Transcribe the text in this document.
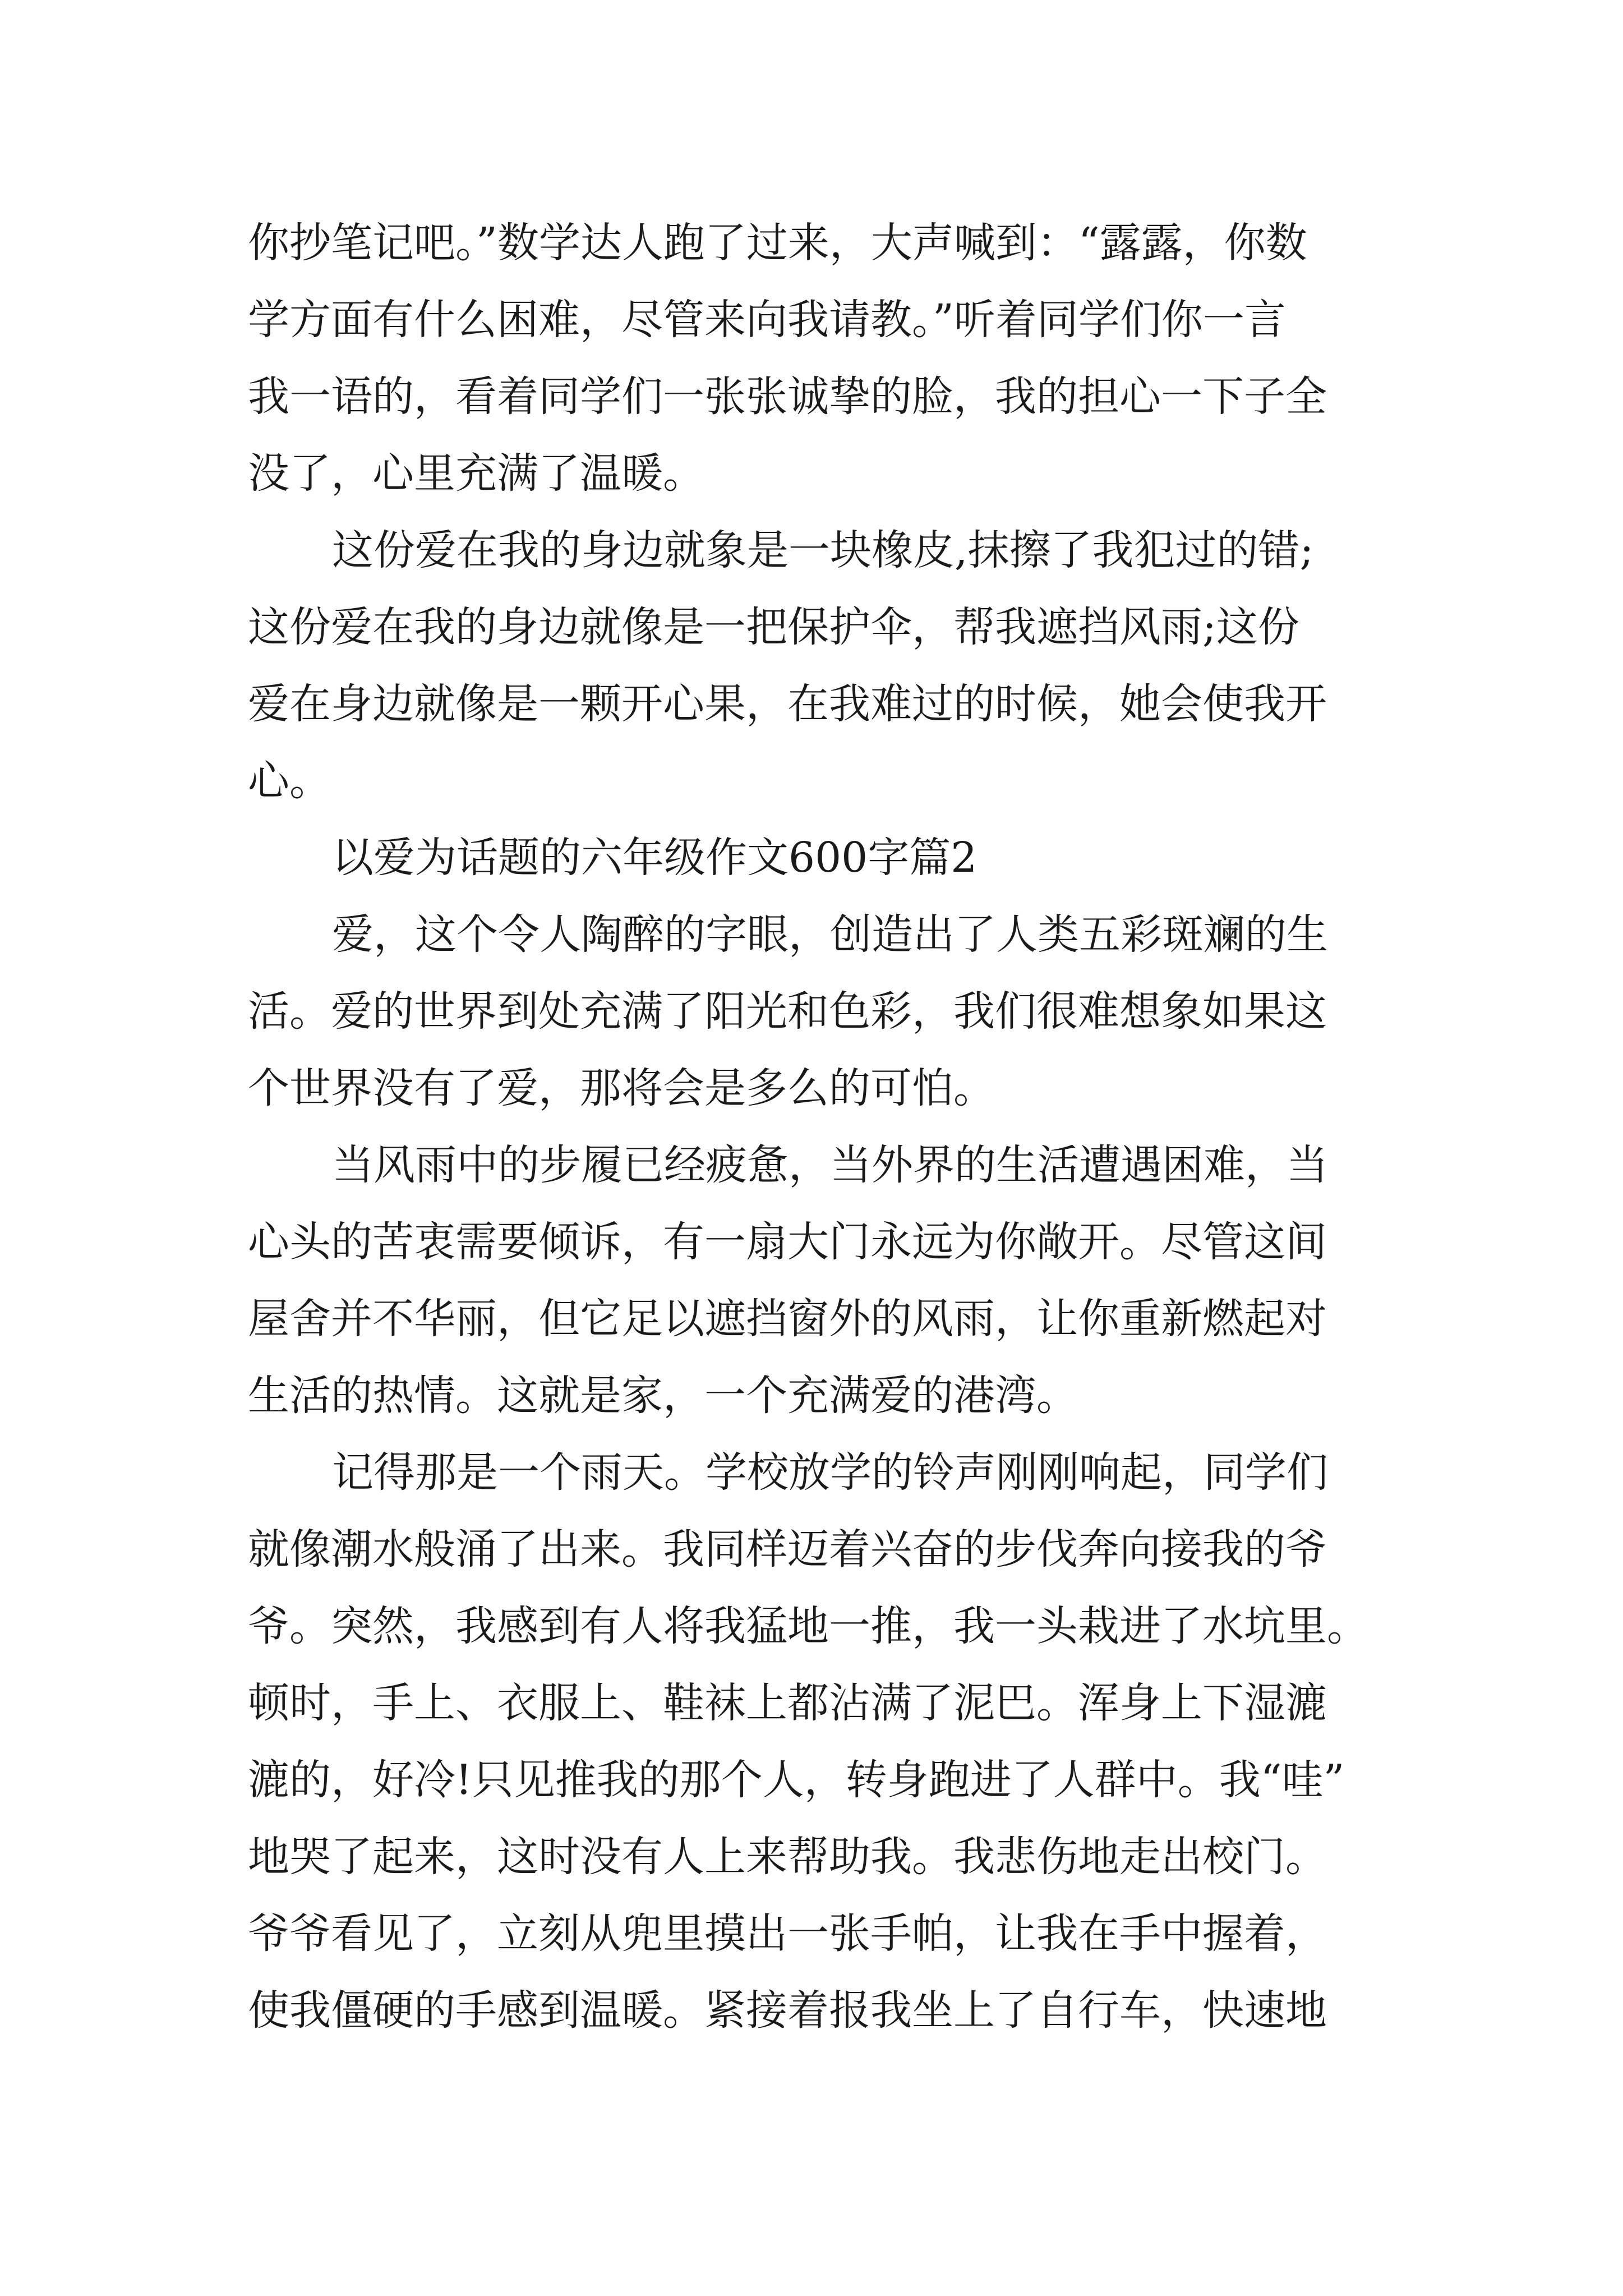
你抄笔记吧。”数学达人跑了过来，大声喊到：“露露，你数
学方面有什么困难，尽管来向我请教。”听着同学们你一言
我一语的，看着同学们一张张诚挚的脸，我的担心一下子全
没了，心里充满了温暖。
这份爱在我的身边就象是一块橡皮,抹擦了我犯过的错;
这份爱在我的身边就像是一把保护伞，帮我遮挡风雨;这份
爱在身边就像是一颗开心果，在我难过的时候，她会使我开
心。
以爱为话题的六年级作文600字篇2
爱，这个令人陶醉的字眼，创造出了人类五彩斑斓的生
活。爱的世界到处充满了阳光和色彩，我们很难想象如果这
个世界没有了爱，那将会是多么的可怕。
当风雨中的步履已经疲惫，当外界的生活遭遇困难，当
心头的苦衷需要倾诉，有一扇大门永远为你敞开。尽管这间
屋舍并不华丽，但它足以遮挡窗外的风雨，让你重新燃起对
生活的热情。这就是家，一个充满爱的港湾。
记得那是一个雨天。学校放学的铃声刚刚响起，同学们
就像潮水般涌了出来。我同样迈着兴奋的步伐奔向接我的爷
爷。突然，我感到有人将我猛地一推，我一头栽进了水坑里。
顿时，手上、衣服上、鞋袜上都沾满了泥巴。浑身上下湿漉
漉的，好冷!只见推我的那个人，转身跑进了人群中。我“哇”
地哭了起来，这时没有人上来帮助我。我悲伤地走出校门。
爷爷看见了，立刻从兜里摸出一张手帕，让我在手中握着，
使我僵硬的手感到温暖。紧接着报我坐上了自行车，快速地
